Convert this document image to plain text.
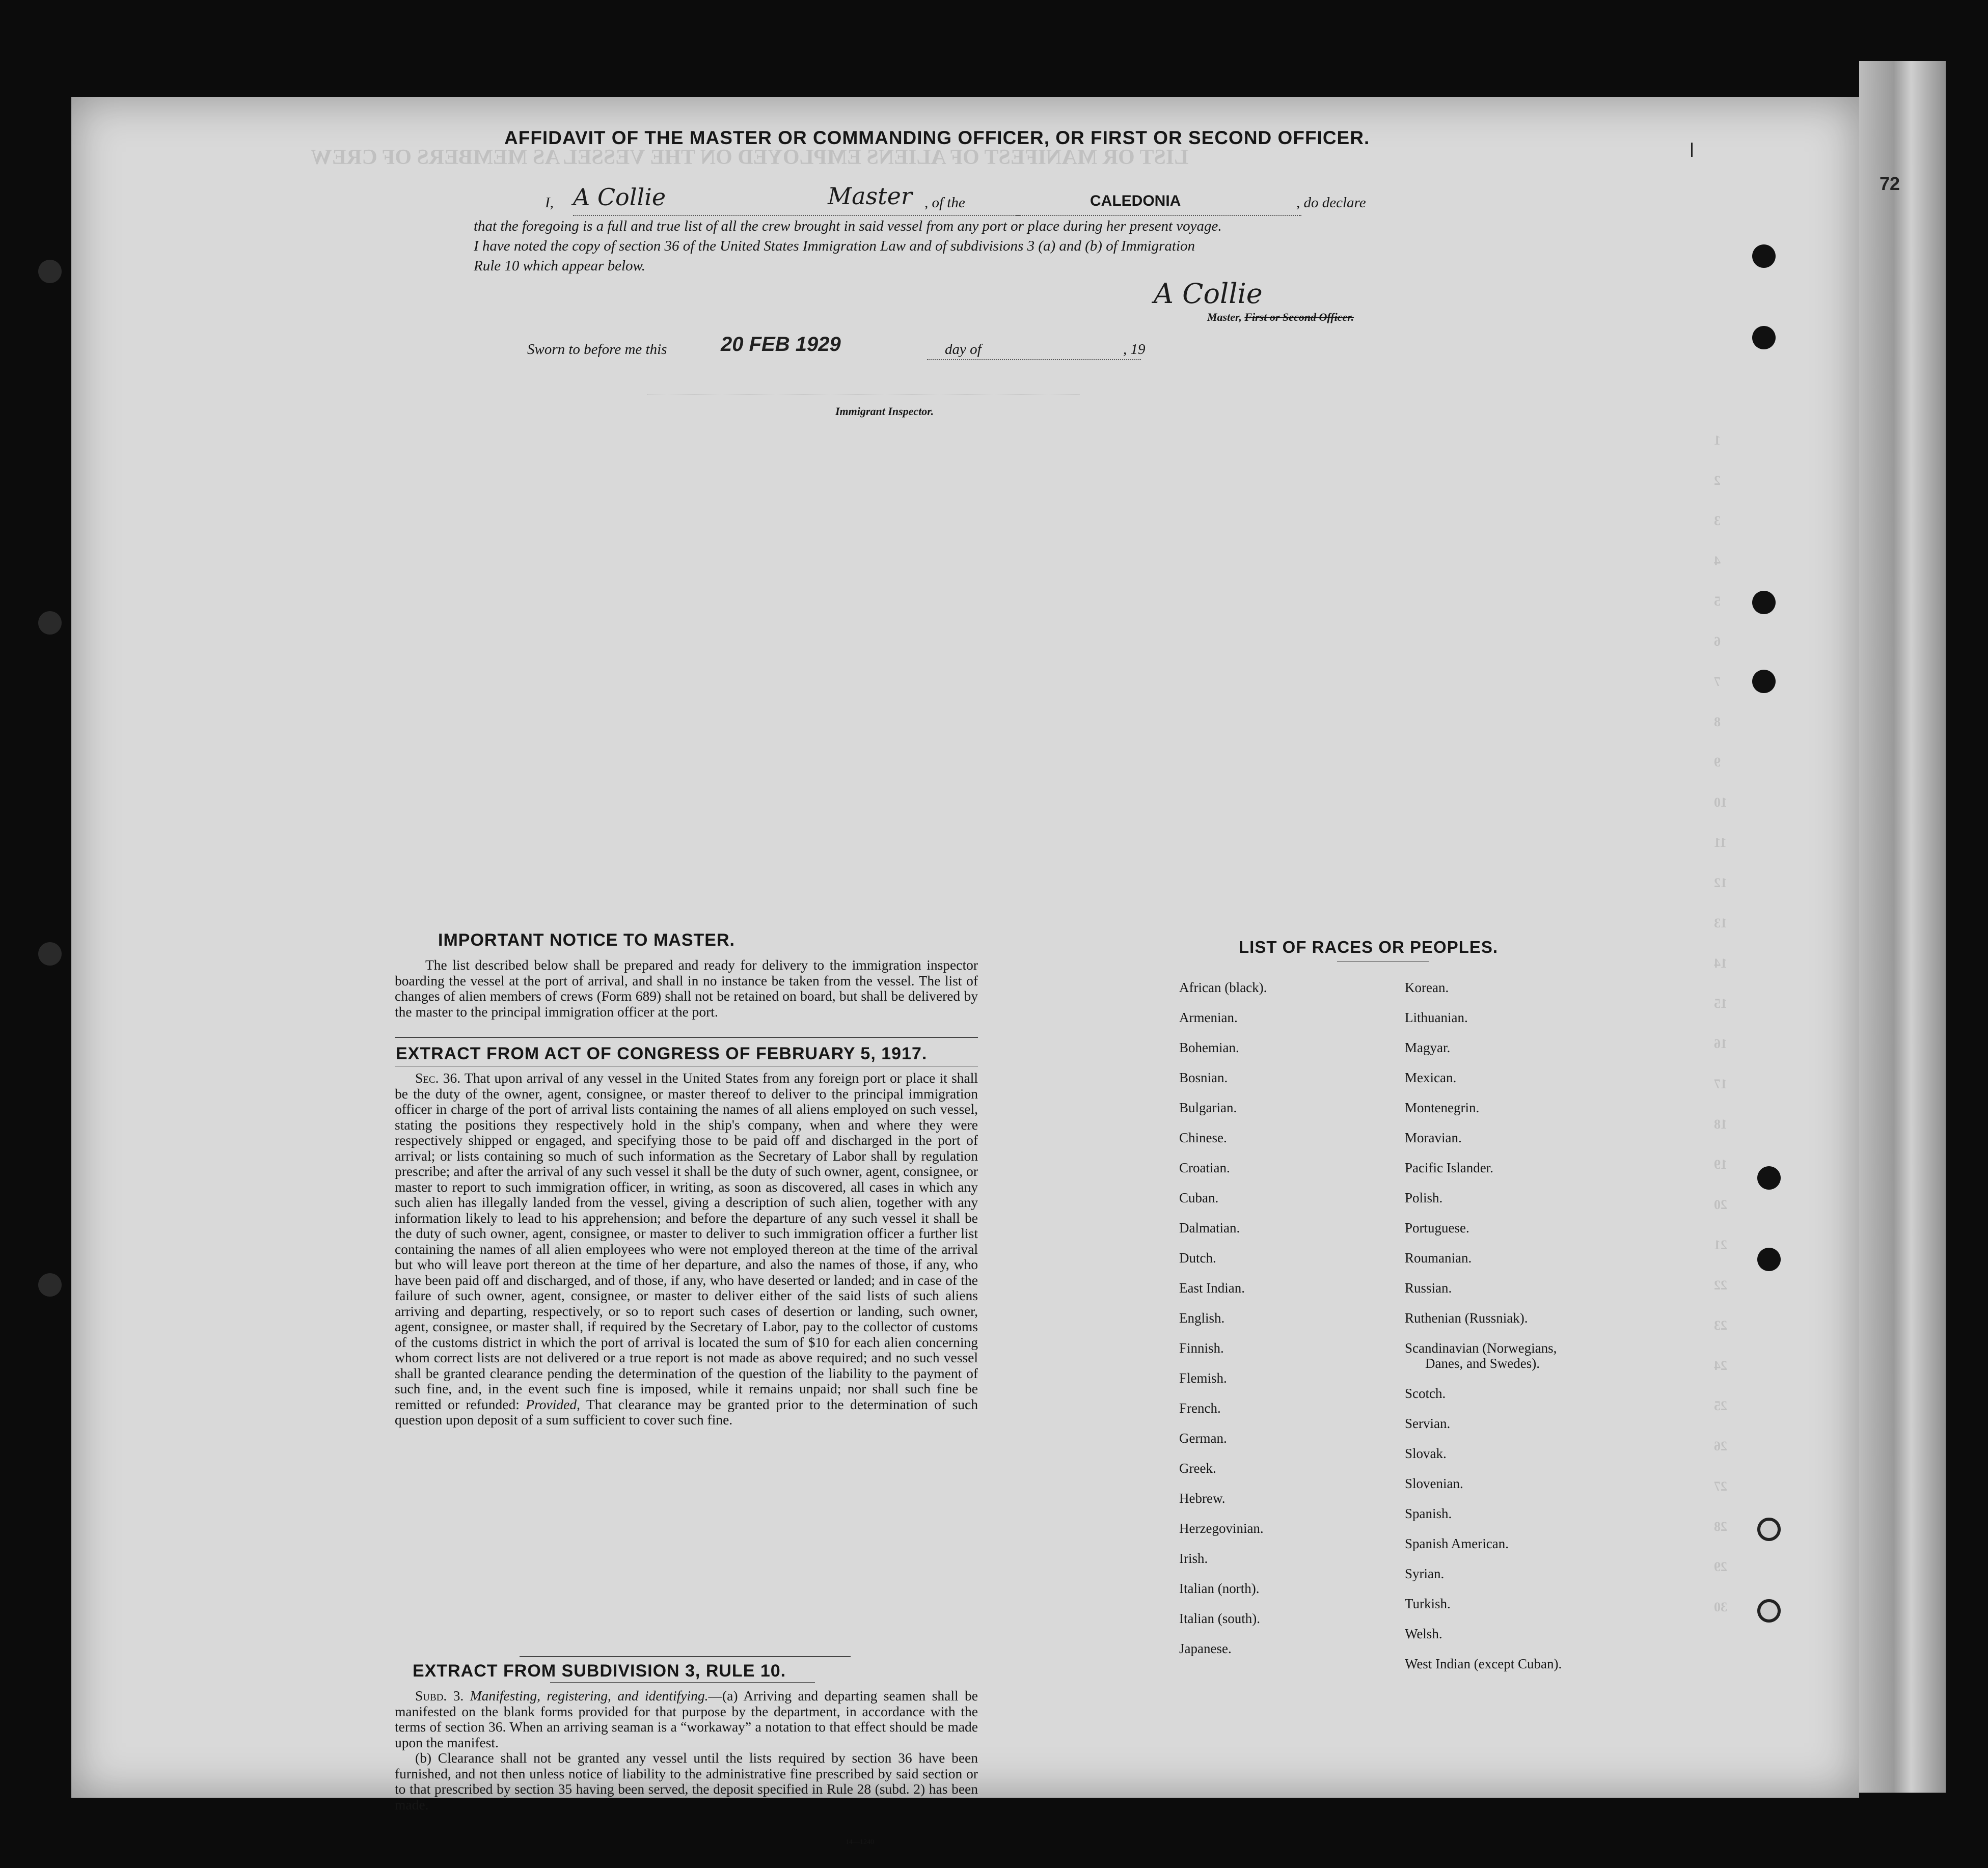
LIST OR MANIFEST OF ALIENS EMPLOYED ON THE VESSEL AS MEMBERS OF CREW
72
AFFIDAVIT OF THE MASTER OR COMMANDING OFFICER, OR FIRST OR SECOND OFFICER.
I, A Collie	Master , of the	CALEDONIA	, do declare
that the foregoing is a full and true list of all the crew brought in said vessel from any port or place during her present voyage.
I have noted the copy of section 36 of the United States Immigration Law and of subdivisions 3 (a) and (b) of Immigration
Rule 10 which appear below.
A Collie
Master, First or Second Officer.
Sworn to before me this	20 FEB 1929	day of	, 19
Immigrant Inspector.
IMPORTANT NOTICE TO MASTER.
The list described below shall be prepared and ready for delivery to the immigration inspector boarding the vessel at the port of arrival, and shall in no instance be taken from the vessel. The list of changes of alien members of crews (Form 689) shall not be retained on board, but shall be delivered by the master to the principal immigration officer at the port.
EXTRACT FROM ACT OF CONGRESS OF FEBRUARY 5, 1917.
Sec. 36. That upon arrival of any vessel in the United States from any foreign port or place it shall be the duty of the owner, agent, consignee, or master thereof to deliver to the principal immigration officer in charge of the port of arrival lists containing the names of all aliens employed on such vessel, stating the positions they respectively hold in the ship's company, when and where they were respectively shipped or engaged, and specifying those to be paid off and discharged in the port of arrival; or lists containing so much of such information as the Secretary of Labor shall by regulation prescribe; and after the arrival of any such vessel it shall be the duty of such owner, agent, consignee, or master to report to such immigration officer, in writing, as soon as discovered, all cases in which any such alien has illegally landed from the vessel, giving a description of such alien, together with any information likely to lead to his apprehension; and before the departure of any such vessel it shall be the duty of such owner, agent, consignee, or master to deliver to such immigration officer a further list containing the names of all alien employees who were not employed thereon at the time of the arrival but who will leave port thereon at the time of her departure, and also the names of those, if any, who have been paid off and discharged, and of those, if any, who have deserted or landed; and in case of the failure of such owner, agent, consignee, or master to deliver either of the said lists of such aliens arriving and departing, respectively, or so to report such cases of desertion or landing, such owner, agent, consignee, or master shall, if required by the Secretary of Labor, pay to the collector of customs of the customs district in which the port of arrival is located the sum of $10 for each alien concerning whom correct lists are not delivered or a true report is not made as above required; and no such vessel shall be granted clearance pending the determination of the question of the liability to the payment of such fine, and, in the event such fine is imposed, while it remains unpaid; nor shall such fine be remitted or refunded: Provided, That clearance may be granted prior to the determination of such question upon deposit of a sum sufficient to cover such fine.
EXTRACT FROM SUBDIVISION 3, RULE 10.
Subd. 3. Manifesting, registering, and identifying.—(a) Arriving and departing seamen shall be manifested on the blank forms provided for that purpose by the department, in accordance with the terms of section 36. When an arriving seaman is a “workaway” a notation to that effect should be made upon the manifest.
(b) Clearance shall not be granted any vessel until the lists required by section 36 have been furnished, and not then unless notice of liability to the administrative fine prescribed by said section or to that prescribed by section 35 having been served, the deposit specified in Rule 28 (subd. 2) has been made.
14—1240
LIST OF RACES OR PEOPLES.
African (black).
Armenian.
Bohemian.
Bosnian.
Bulgarian.
Chinese.
Croatian.
Cuban.
Dalmatian.
Dutch.
East Indian.
English.
Finnish.
Flemish.
French.
German.
Greek.
Hebrew.
Herzegovinian.
Irish.
Italian (north).
Italian (south).
Japanese.
Korean.
Lithuanian.
Magyar.
Mexican.
Montenegrin.
Moravian.
Pacific Islander.
Polish.
Portuguese.
Roumanian.
Russian.
Ruthenian (Russniak).
Scandinavian (Norwegians,
Danes, and Swedes).
Scotch.
Servian.
Slovak.
Slovenian.
Spanish.
Spanish American.
Syrian.
Turkish.
Welsh.
West Indian (except Cuban).
1
2
3
4
5
6
7
8
9
10
11
12
13
14
15
16
17
18
19
20
21
22
23
24
25
26
27
28
29
30
